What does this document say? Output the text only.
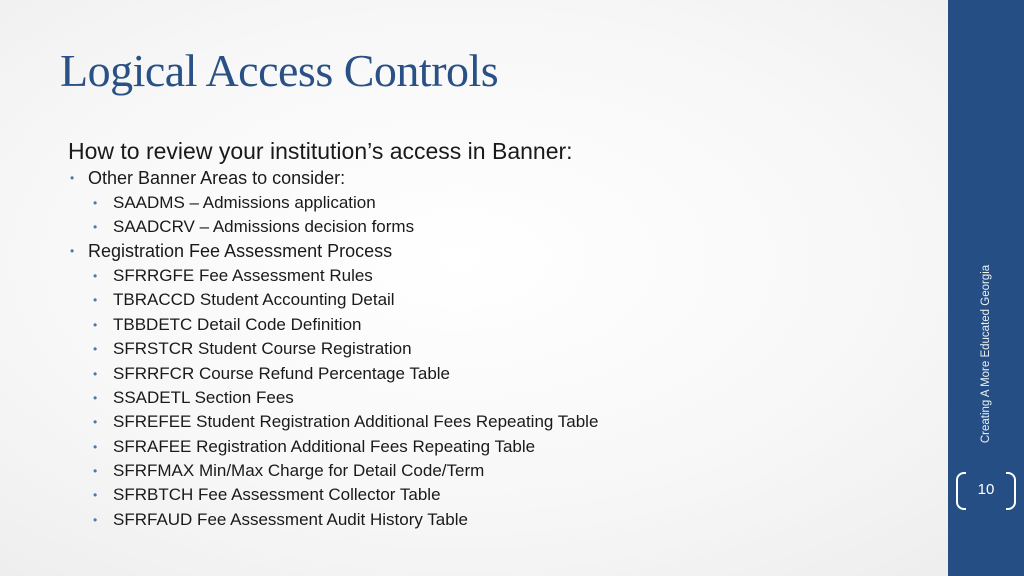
Logical Access Controls
How to review your institution’s access in Banner:
• Other Banner Areas to consider:
• SAADMS – Admissions application
• SAADCRV – Admissions decision forms
• Registration Fee Assessment Process
• SFRRGFE Fee Assessment Rules
• TBRACCD Student Accounting Detail
• TBBDETC Detail Code Definition
• SFRSTCR Student Course Registration
• SFRRFCR Course Refund Percentage Table
• SSADETL Section Fees
• SFREFEE Student Registration Additional Fees Repeating Table
• SFRAFEE Registration Additional Fees Repeating Table
• SFRFMAX Min/Max Charge for Detail Code/Term
• SFRBTCH Fee Assessment Collector Table
• SFRFAUD Fee Assessment Audit History Table
Creating A More Educated Georgia
10
